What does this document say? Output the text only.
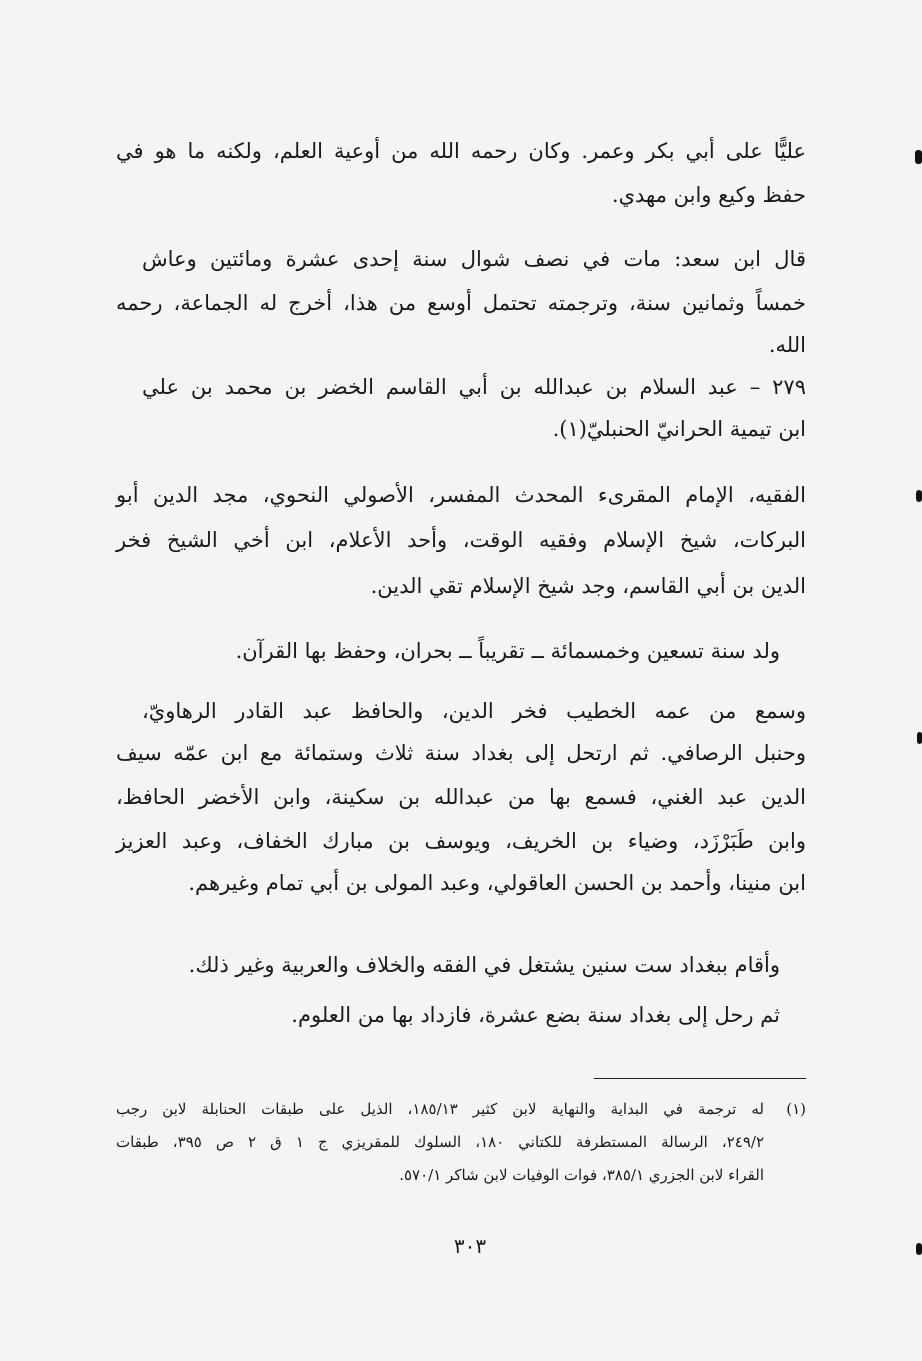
عليًّا على أبي بكر وعمر. وكان رحمه الله من أوعية العلم، ولكنه ما هو في
حفظ وكيع وابن مهدي.
قال ابن سعد: مات في نصف شوال سنة إحدى عشرة ومائتين وعاش
خمساً وثمانين سنة، وترجمته تحتمل أوسع من هذا، أخرج له الجماعة، رحمه
الله.
٢٧٩ – عبد السلام بن عبدالله بن أبي القاسم الخضر بن محمد بن علي
ابن تيمية الحرانيّ الحنبليّ(١).
الفقيه، الإمام المقرىء المحدث المفسر، الأصولي النحوي، مجد الدين أبو
البركات، شيخ الإسلام وفقيه الوقت، وأحد الأعلام، ابن أخي الشيخ فخر
الدين بن أبي القاسم، وجد شيخ الإسلام تقي الدين.
ولد سنة تسعين وخمسمائة ــ تقريباً ــ بحران، وحفظ بها القرآن.
وسمع من عمه الخطيب فخر الدين، والحافظ عبد القادر الرهاويّ،
وحنبل الرصافي. ثم ارتحل إلى بغداد سنة ثلاث وستمائة مع ابن عمّه سيف
الدين عبد الغني، فسمع بها من عبدالله بن سكينة، وابن الأخضر الحافظ،
وابن طَبَرْزَد، وضياء بن الخريف، ويوسف بن مبارك الخفاف، وعبد العزيز
ابن منينا، وأحمد بن الحسن العاقولي، وعبد المولى بن أبي تمام وغيرهم.
وأقام ببغداد ست سنين يشتغل في الفقه والخلاف والعربية وغير ذلك.
ثم رحل إلى بغداد سنة بضع عشرة، فازداد بها من العلوم.
(١)
له ترجمة في البداية والنهاية لابن كثير ١٨٥/١٣، الذيل على طبقات الحنابلة لابن رجب
٢٤٩/٢، الرسالة المستطرفة للكتاني ١٨٠، السلوك للمقريزي ج ١ ق ٢ ص ٣٩٥، طبقات
القراء لابن الجزري ٣٨٥/١، فوات الوفيات لابن شاكر ٥٧٠/١.
٣٠٣
